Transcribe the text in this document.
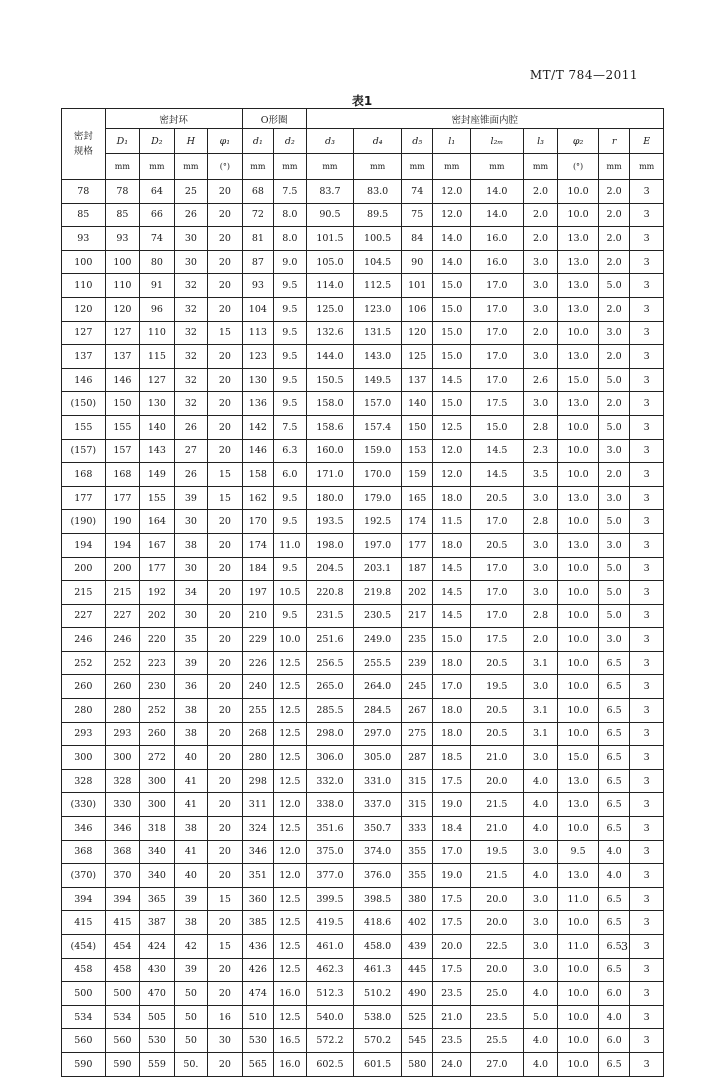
MT/T 784—2011
表1
密封
规格	密封环				O形圈		密封座锥面内腔								
	D₁	D₂	H	φ₁	d₁	d₂	d₃	d₄	d₅	l₁	l₂ₘ	l₃	φ₂	r	E
	mm	mm	mm	(°)	mm	mm	mm	mm	mm	mm	mm	mm	(°)	mm	mm
78	78	64	25	20	68	7.5	83.7	83.0	74	12.0	14.0	2.0	10.0	2.0	3
85	85	66	26	20	72	8.0	90.5	89.5	75	12.0	14.0	2.0	10.0	2.0	3
93	93	74	30	20	81	8.0	101.5	100.5	84	14.0	16.0	2.0	13.0	2.0	3
100	100	80	30	20	87	9.0	105.0	104.5	90	14.0	16.0	3.0	13.0	2.0	3
110	110	91	32	20	93	9.5	114.0	112.5	101	15.0	17.0	3.0	13.0	5.0	3
120	120	96	32	20	104	9.5	125.0	123.0	106	15.0	17.0	3.0	13.0	2.0	3
127	127	110	32	15	113	9.5	132.6	131.5	120	15.0	17.0	2.0	10.0	3.0	3
137	137	115	32	20	123	9.5	144.0	143.0	125	15.0	17.0	3.0	13.0	2.0	3
146	146	127	32	20	130	9.5	150.5	149.5	137	14.5	17.0	2.6	15.0	5.0	3
(150)	150	130	32	20	136	9.5	158.0	157.0	140	15.0	17.5	3.0	13.0	2.0	3
155	155	140	26	20	142	7.5	158.6	157.4	150	12.5	15.0	2.8	10.0	5.0	3
(157)	157	143	27	20	146	6.3	160.0	159.0	153	12.0	14.5	2.3	10.0	3.0	3
168	168	149	26	15	158	6.0	171.0	170.0	159	12.0	14.5	3.5	10.0	2.0	3
177	177	155	39	15	162	9.5	180.0	179.0	165	18.0	20.5	3.0	13.0	3.0	3
(190)	190	164	30	20	170	9.5	193.5	192.5	174	11.5	17.0	2.8	10.0	5.0	3
194	194	167	38	20	174	11.0	198.0	197.0	177	18.0	20.5	3.0	13.0	3.0	3
200	200	177	30	20	184	9.5	204.5	203.1	187	14.5	17.0	3.0	10.0	5.0	3
215	215	192	34	20	197	10.5	220.8	219.8	202	14.5	17.0	3.0	10.0	5.0	3
227	227	202	30	20	210	9.5	231.5	230.5	217	14.5	17.0	2.8	10.0	5.0	3
246	246	220	35	20	229	10.0	251.6	249.0	235	15.0	17.5	2.0	10.0	3.0	3
252	252	223	39	20	226	12.5	256.5	255.5	239	18.0	20.5	3.1	10.0	6.5	3
260	260	230	36	20	240	12.5	265.0	264.0	245	17.0	19.5	3.0	10.0	6.5	3
280	280	252	38	20	255	12.5	285.5	284.5	267	18.0	20.5	3.1	10.0	6.5	3
293	293	260	38	20	268	12.5	298.0	297.0	275	18.0	20.5	3.1	10.0	6.5	3
300	300	272	40	20	280	12.5	306.0	305.0	287	18.5	21.0	3.0	15.0	6.5	3
328	328	300	41	20	298	12.5	332.0	331.0	315	17.5	20.0	4.0	13.0	6.5	3
(330)	330	300	41	20	311	12.0	338.0	337.0	315	19.0	21.5	4.0	13.0	6.5	3
346	346	318	38	20	324	12.5	351.6	350.7	333	18.4	21.0	4.0	10.0	6.5	3
368	368	340	41	20	346	12.0	375.0	374.0	355	17.0	19.5	3.0	9.5	4.0	3
(370)	370	340	40	20	351	12.0	377.0	376.0	355	19.0	21.5	4.0	13.0	4.0	3
394	394	365	39	15	360	12.5	399.5	398.5	380	17.5	20.0	3.0	11.0	6.5	3
415	415	387	38	20	385	12.5	419.5	418.6	402	17.5	20.0	3.0	10.0	6.5	3
(454)	454	424	42	15	436	12.5	461.0	458.0	439	20.0	22.5	3.0	11.0	6.5	3
458	458	430	39	20	426	12.5	462.3	461.3	445	17.5	20.0	3.0	10.0	6.5	3
500	500	470	50	20	474	16.0	512.3	510.2	490	23.5	25.0	4.0	10.0	6.0	3
534	534	505	50	16	510	12.5	540.0	538.0	525	21.0	23.5	5.0	10.0	4.0	3
560	560	530	50	30	530	16.5	572.2	570.2	545	23.5	25.5	4.0	10.0	6.0	3
590	590	559	50.	20	565	16.0	602.5	601.5	580	24.0	27.0	4.0	10.0	6.5	3
3
